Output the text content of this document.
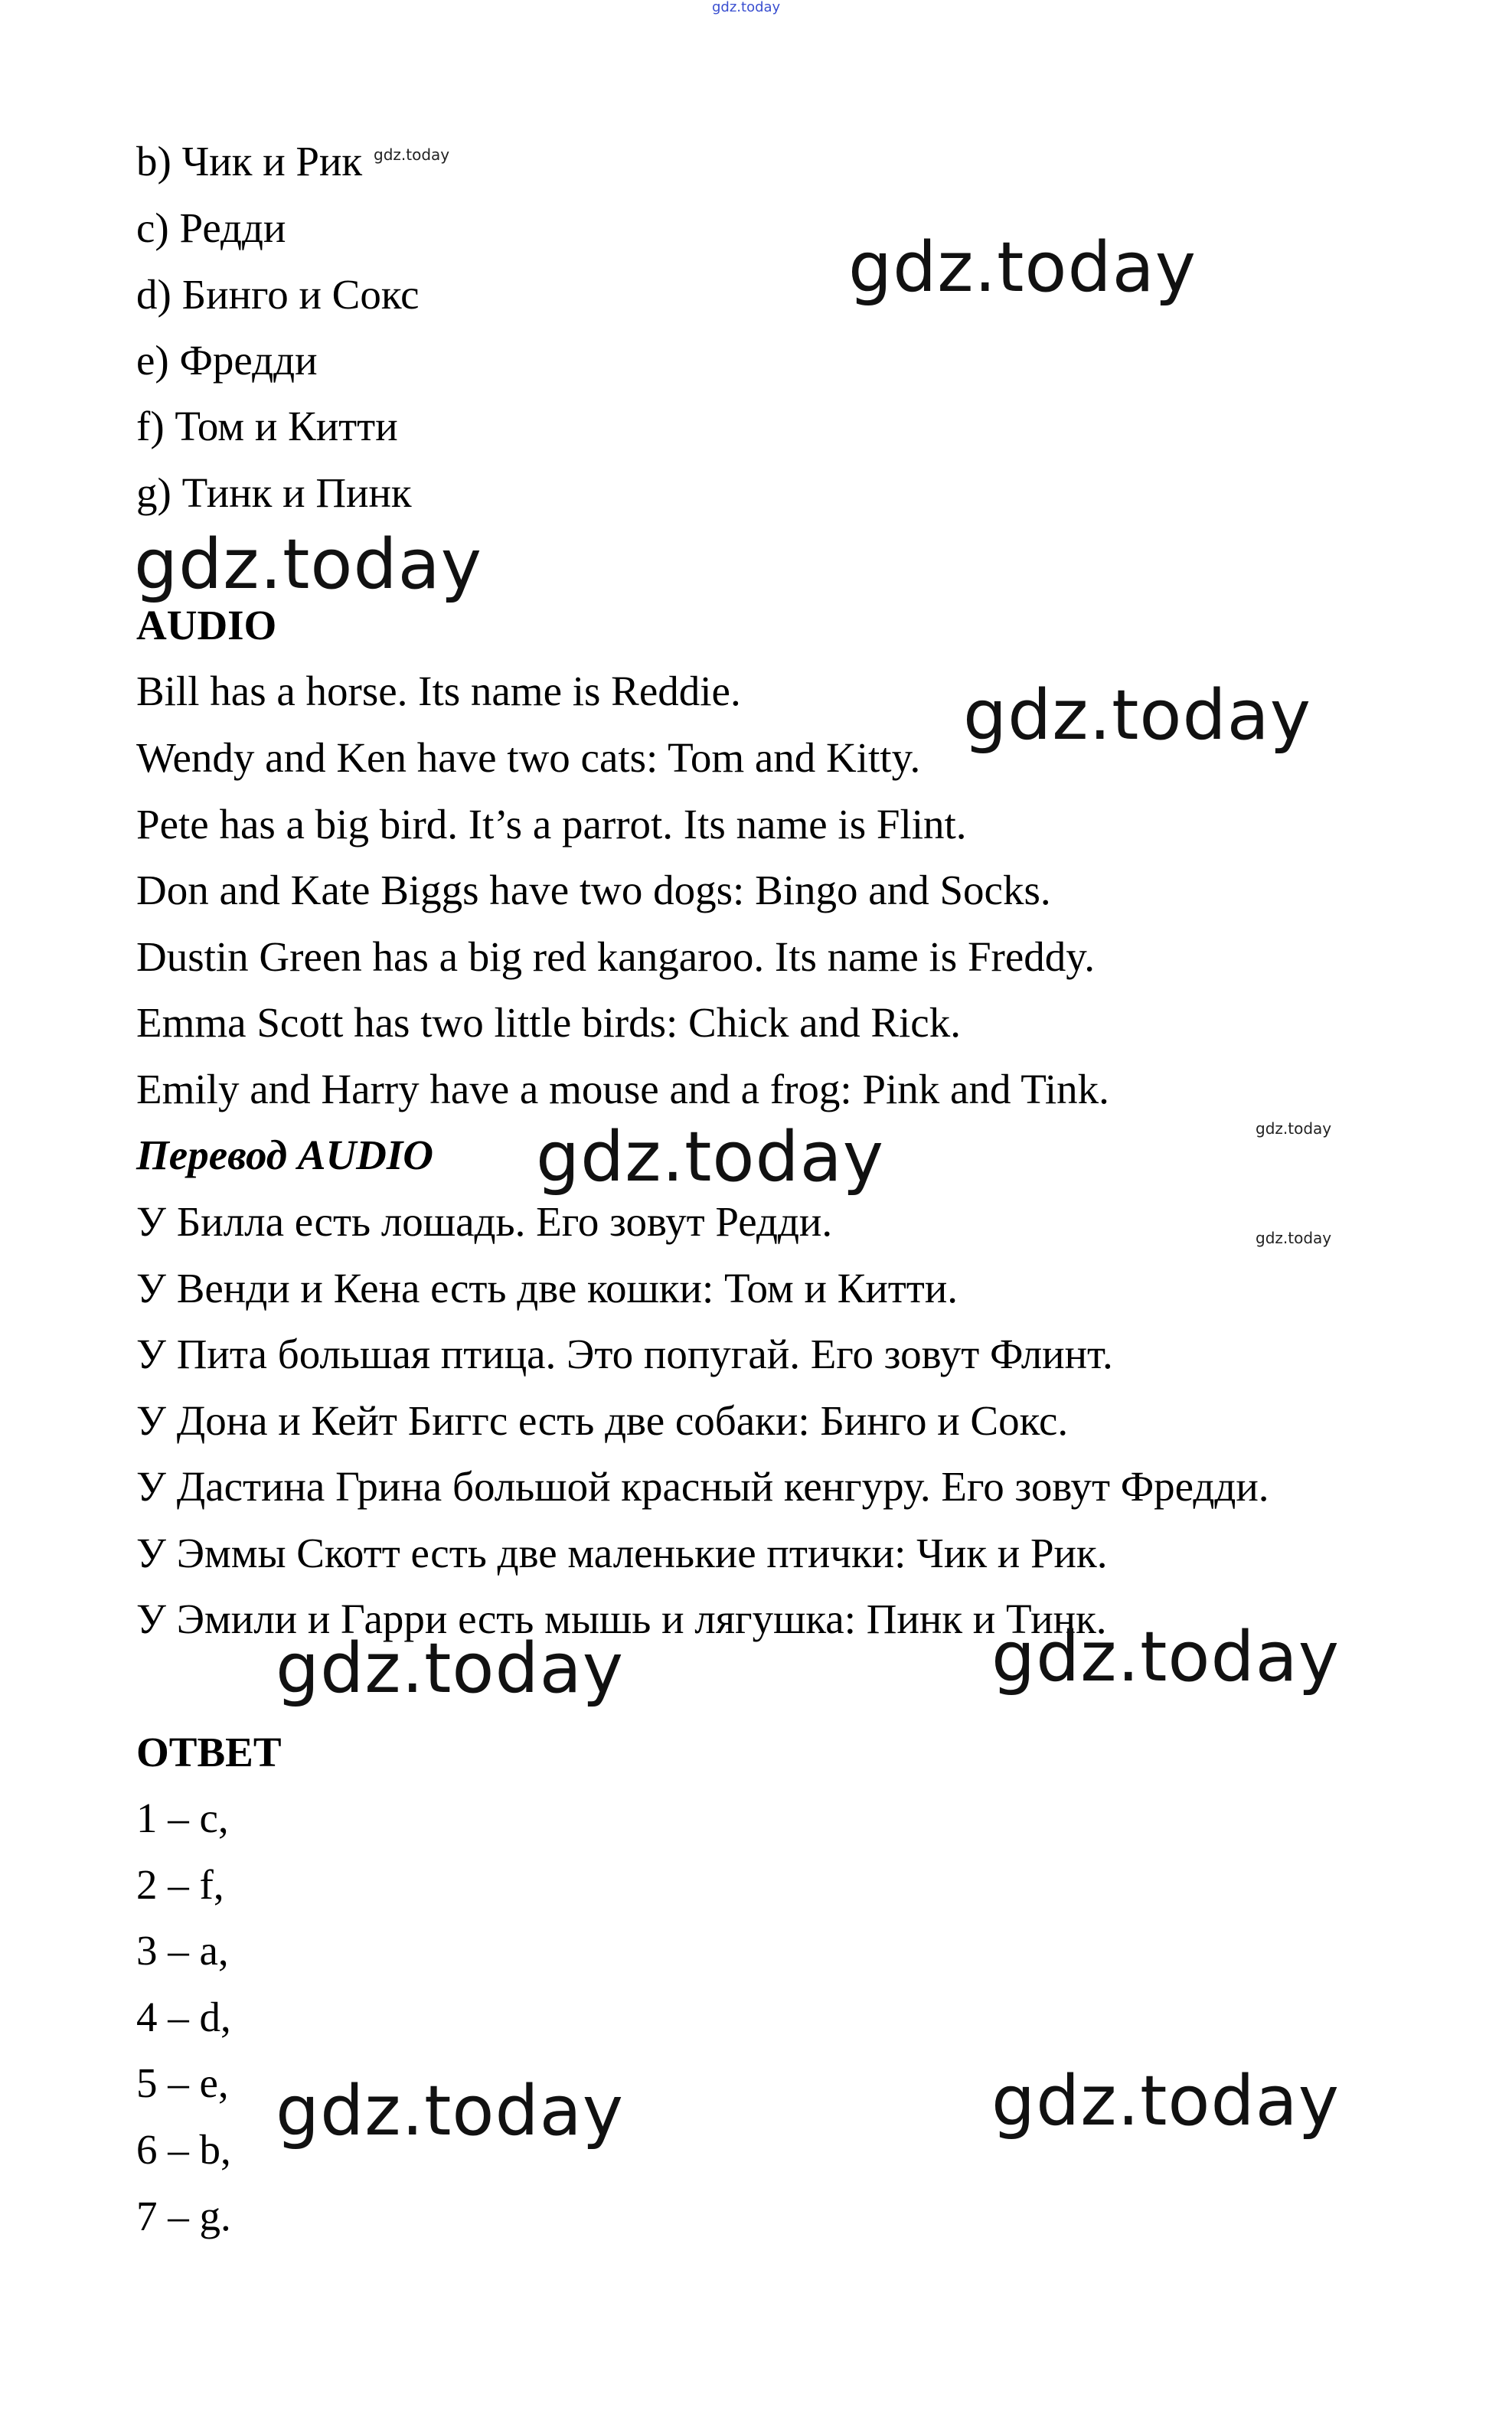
gdz.today
b) Чик и Рик
c) Редди
d) Бинго и Сокс
e) Фредди
f) Том и Китти
g) Тинк и Пинк
AUDIO
Bill has a horse. Its name is Reddie.
Wendy and Ken have two cats: Tom and Kitty.
Pete has a big bird. It’s a parrot. Its name is Flint.
Don and Kate Biggs have two dogs: Bingo and Socks.
Dustin Green has a big red kangaroo. Its name is Freddy.
Emma Scott has two little birds: Chick and Rick.
Emily and Harry have a mouse and a frog: Pink and Tink.
Перевод AUDIO
У Билла есть лошадь. Его зовут Редди.
У Венди и Кена есть две кошки: Том и Китти.
У Пита большая птица. Это попугай. Его зовут Флинт.
У Дона и Кейт Биггс есть две собаки: Бинго и Сокс.
У Дастина Грина большой красный кенгуру. Его зовут Фредди.
У Эммы Скотт есть две маленькие птички: Чик и Рик.
У Эмили и Гарри есть мышь и лягушка: Пинк и Тинк.
ОТВЕТ
1 – c,
2 – f,
3 – a,
4 – d,
5 – e,
6 – b,
7 – g.
gdz.today
gdz.today
gdz.today
gdz.today
gdz.today
gdz.today
gdz.today
gdz.today	gdz.today
gdz.today	gdz.today
